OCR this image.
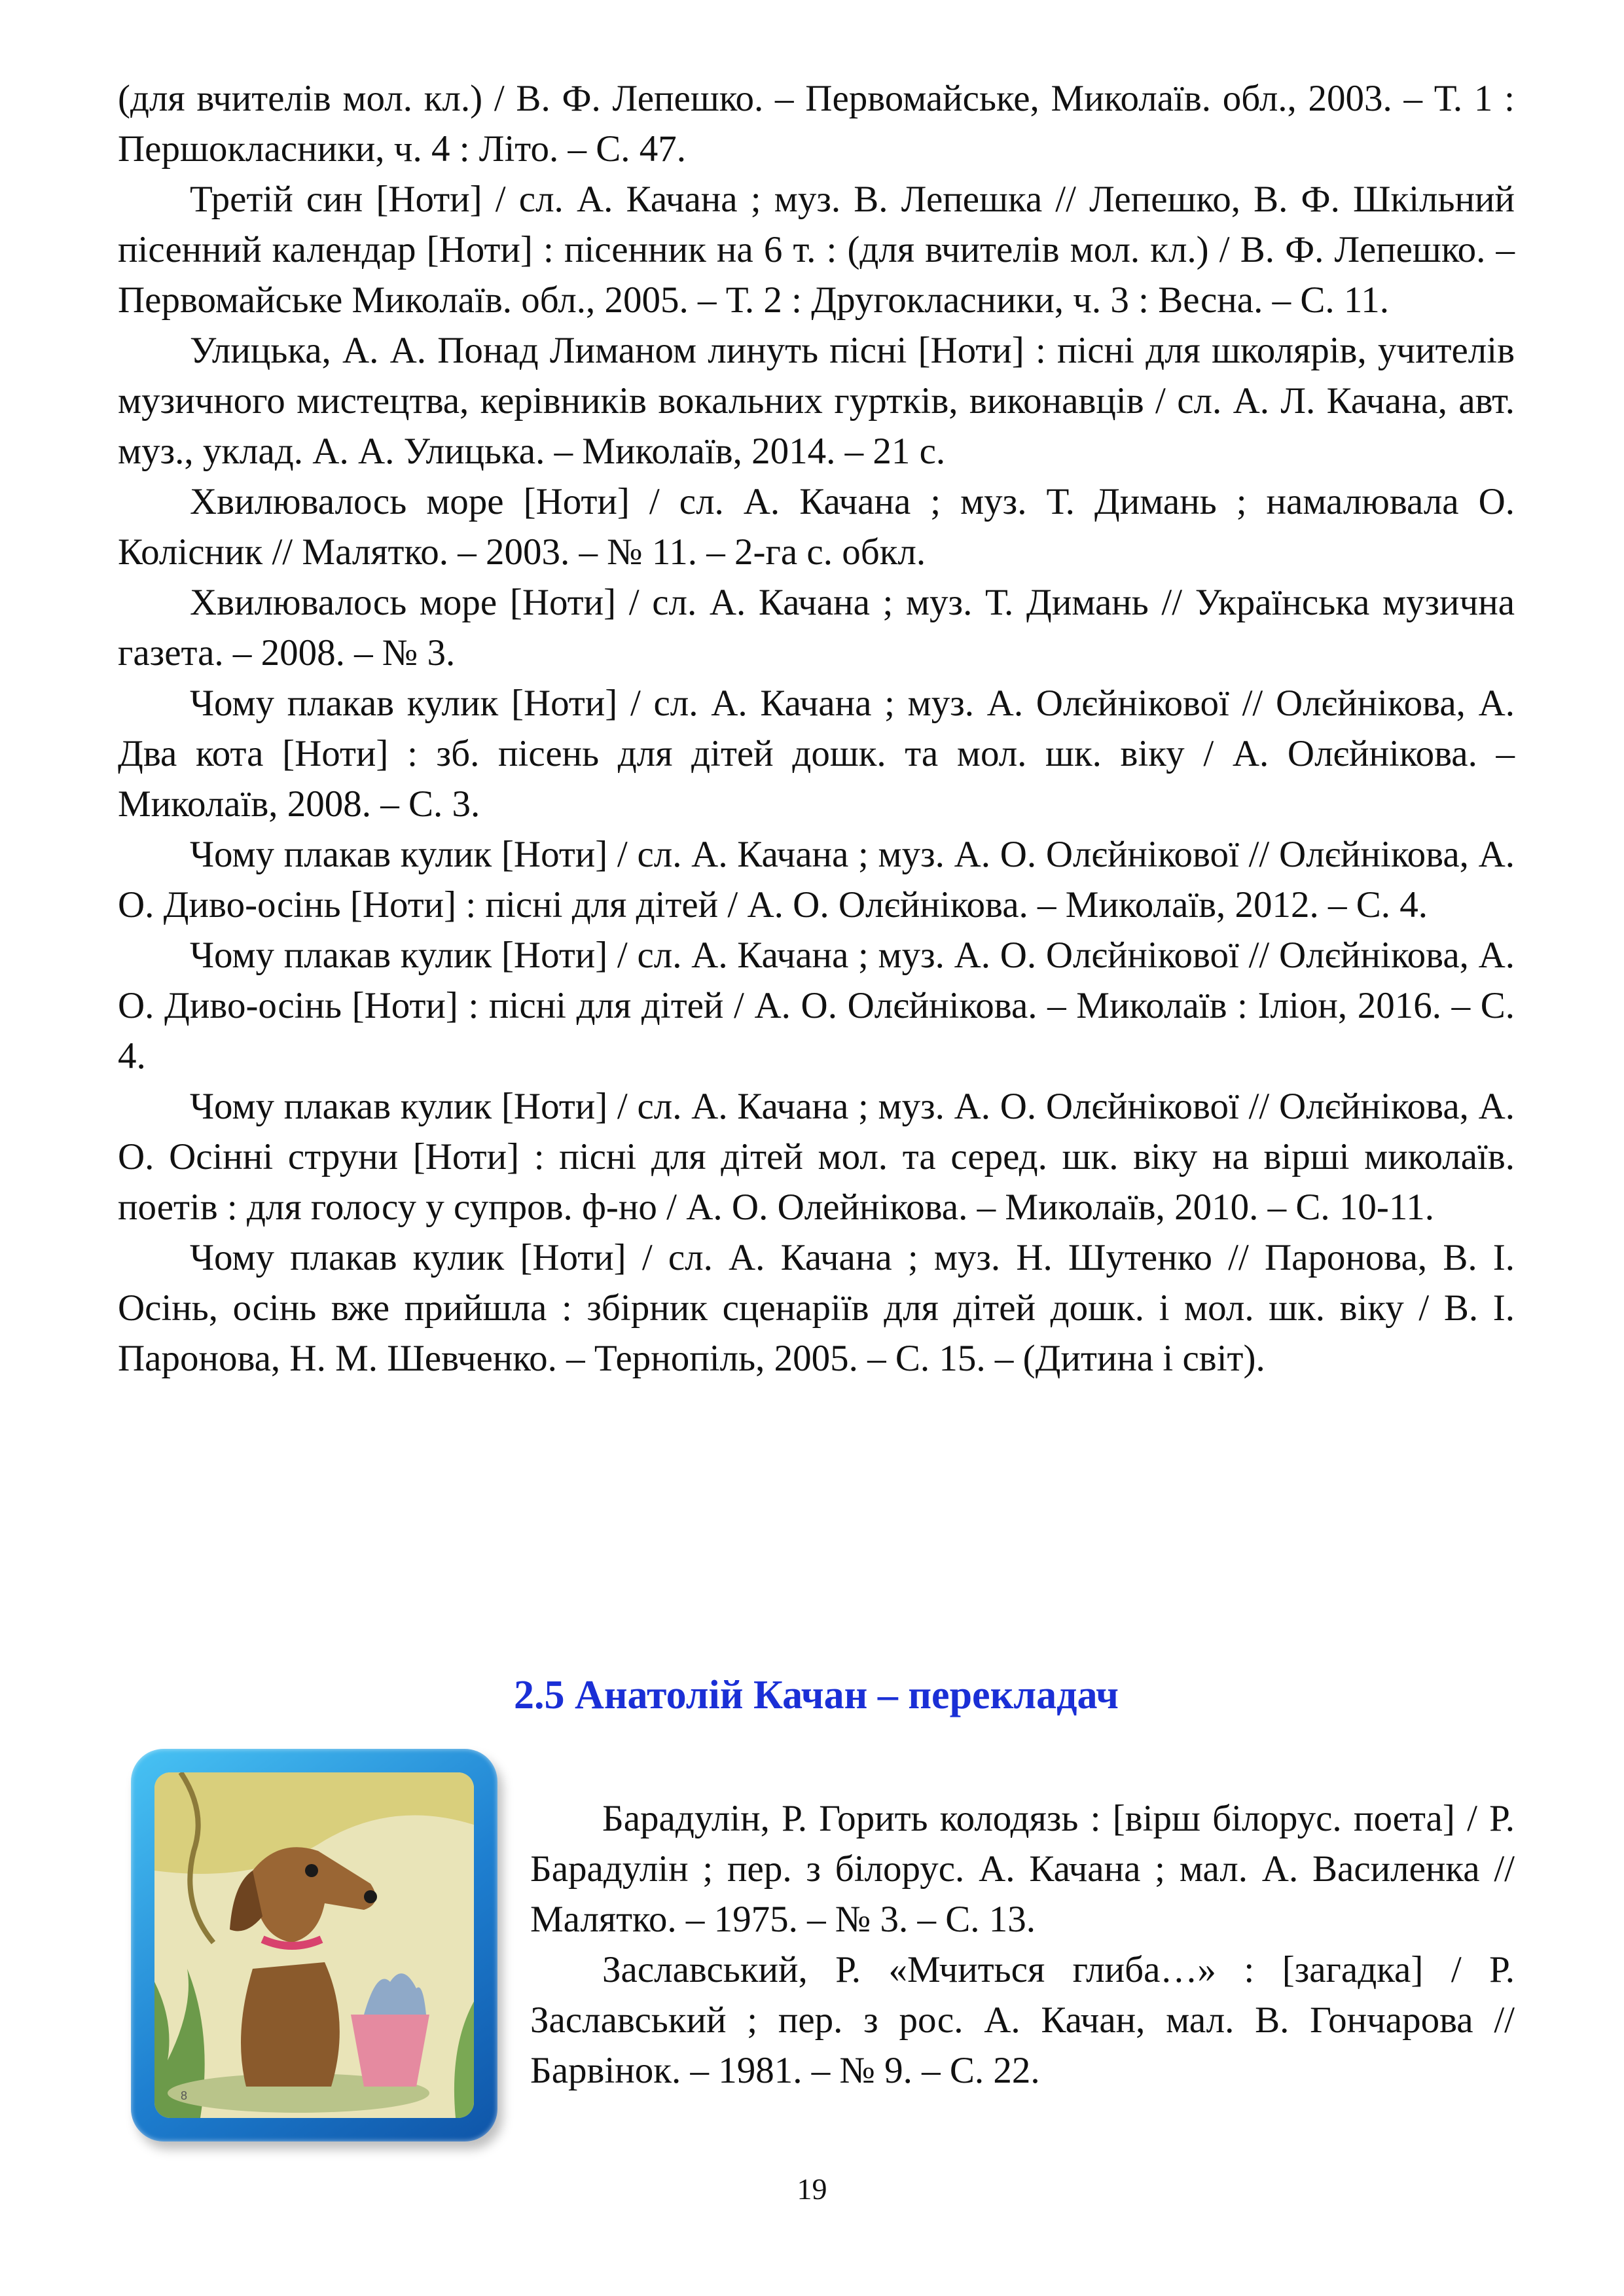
(для вчителів мол. кл.) / В. Ф. Лепешко. – Первомайське, Миколаїв. обл., 2003. – Т. 1 : Першокласники, ч. 4 : Літо. – С. 47.

Третій син [Ноти] / сл. А. Качана ; муз. В. Лепешка // Лепешко, В. Ф. Шкільний пісенний календар [Ноти] : пісенник на 6 т. : (для вчителів мол. кл.) / В. Ф. Лепешко. – Первомайське Миколаїв. обл., 2005. – Т. 2 : Другокласники, ч. 3 : Весна. – С. 11.

Улицька, А. А. Понад Лиманом линуть пісні [Ноти] : пісні для школярів, учителів музичного мистецтва, керівників вокальних гуртків, виконавців / сл. А. Л. Качана, авт. муз., уклад. А. А. Улицька. – Миколаїв, 2014. – 21 с.

Хвилювалось море [Ноти] / сл. А. Качана ; муз. Т. Димань ; намалювала О. Колісник // Малятко. – 2003. – № 11. – 2-га с. обкл.

Хвилювалось море [Ноти] / сл. А. Качана ; муз. Т. Димань // Українська музична газета. – 2008. – № 3.

Чому плакав кулик [Ноти] / сл. А. Качана ; муз. А. Олєйнікової // Олєйнікова, А. Два кота [Ноти] : зб. пісень для дітей дошк. та мол. шк. віку / А. Олєйнікова. – Миколаїв, 2008. – С. 3.

Чому плакав кулик [Ноти] / сл. А. Качана ; муз. А. О. Олєйнікової // Олєйнікова, А. О. Диво-осінь [Ноти] : пісні для дітей / А. О. Олєйнікова. – Миколаїв, 2012. – С. 4.

Чому плакав кулик [Ноти] / сл. А. Качана ; муз. А. О. Олєйнікової // Олєйнікова, А. О. Диво-осінь [Ноти] : пісні для дітей / А. О. Олєйнікова. – Миколаїв : Іліон, 2016. – С. 4.

Чому плакав кулик [Ноти] / сл. А. Качана ; муз. А. О. Олєйнікової // Олєйнікова, А. О. Осінні струни [Ноти] : пісні для дітей мол. та серед. шк. віку на вірші миколаїв. поетів : для голосу у супров. ф-но / А. О. Олейнікова. – Миколаїв, 2010. – С. 10-11.

Чому плакав кулик [Ноти] / сл. А. Качана ; муз. Н. Шутенко // Паронова, В. І. Осінь, осінь вже прийшла : збірник сценаріїв для дітей дошк. і мол. шк. віку / В. І. Паронова, Н. М. Шевченко. – Тернопіль, 2005. – С. 15. – (Дитина і світ).

2.5 Анатолій Качан – перекладач
8

Барадулін, Р. Горить колодязь : [вірш білорус. поета] / Р. Барадулін ; пер. з білорус. А. Качана ; мал. А. Василенка // Малятко. – 1975. – № 3. – С. 13.

Заславський, Р. «Мчиться глиба…» : [загадка] / Р. Заславський ; пер. з рос. А. Качан, мал. В. Гончарова // Барвінок. – 1981. – № 9. – С. 22.

19
